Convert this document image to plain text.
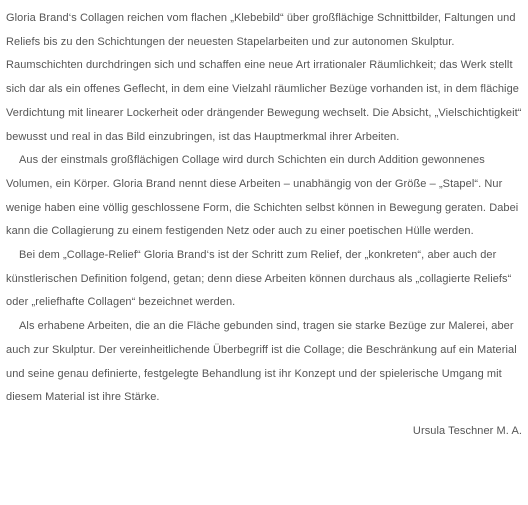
Gloria Brand‘s Collagen reichen vom flachen „Klebebild“ über großflächige Schnittbilder, Faltungen und Reliefs bis zu den Schichtungen der neuesten Stapelarbeiten und zur autonomen Skulptur. Raumschichten durchdringen sich und schaffen eine neue Art irrationaler Räumlichkeit; das Werk stellt sich dar als ein offenes Geflecht, in dem eine Vielzahl räumlicher Bezüge vorhanden ist, in dem flächige Verdichtung mit linearer Lockerheit oder drängender Bewegung wechselt. Die Absicht, „Vielschichtigkeit“ bewusst und real in das Bild einzubringen, ist das Hauptmerkmal ihrer Arbeiten.

Aus der einstmals großflächigen Collage wird durch Schichten ein durch Addition gewonnenes Volumen, ein Körper. Gloria Brand nennt diese Arbeiten – unabhängig von der Größe – „Stapel“. Nur wenige haben eine völlig geschlossene Form, die Schichten selbst können in Bewegung geraten. Dabei kann die Collagierung zu einem festigenden Netz oder auch zu einer poetischen Hülle werden.

Bei dem „Collage-Relief“ Gloria Brand‘s ist der Schritt zum Relief, der „konkreten“, aber auch der künstlerischen Definition folgend, getan; denn diese Arbeiten können durchaus als „collagierte Reliefs“ oder „reliefhafte Collagen“ bezeichnet werden.

Als erhabene Arbeiten, die an die Fläche gebunden sind, tragen sie starke Bezüge zur Malerei, aber auch zur Skulptur. Der vereinheitlichende Überbegriff ist die Collage; die Beschränkung auf ein Material und seine genau definierte, festgelegte Behandlung ist ihr Konzept und der spielerische Umgang mit diesem Material ist ihre Stärke.

Ursula Teschner M. A.
